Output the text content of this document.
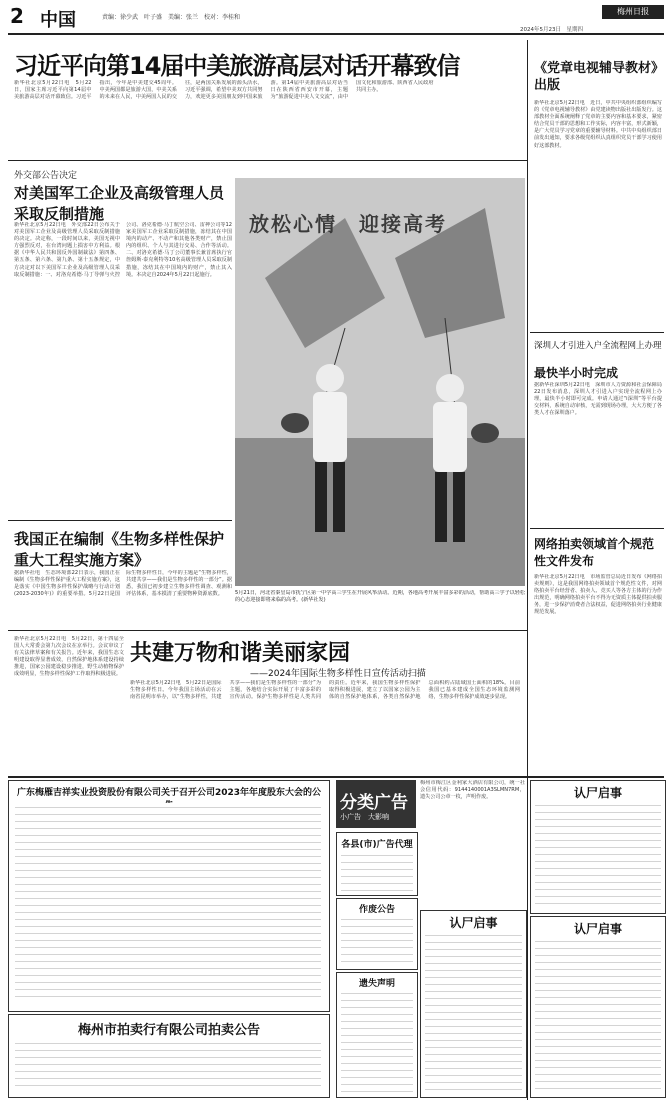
2 中国	责编：徐少武　叶子盛　美编：张兰　校对：李桂和
梅州日报
2024年5月23日　星期四
习近平向第14届中美旅游高层对话开幕致信
新华社北京5月22日电　5月22日，国家主席习近平向第14届中美旅游高层对话开幕致信。习近平指出，今年是中美建交45周年。中美两国都是旅游大国，中美关系的未来在人民，中美两国人民的交往，是两国关系发展的源头活水，习近平强调，希望中美双方共同努力，欢迎更多美国朋友到中国来旅游。第14届中美旅游高层对话当日在陕西省西安市开幕，主题为“旅游促进中美人文交流”，由中国文化和旅游部、陕西省人民政府共同主办。
外交部公告决定
对美国军工企业及高级管理人员采取反制措施
新华社北京5月22日电　外交部22日公布关于对美国军工企业及高级管理人员采取反制措施的决定。决定称，一段时间以来，美国无视中方强烈反对，在台湾问题上损害中方利益。根据《中华人民共和国反外国制裁法》第四条、第五条、第六条、第九条、第十五条规定，中方决定对以下美国军工企业及高级管理人员采取反制措施：一、对洛克希德·马丁导弹与火控公司、洛克希德·马丁航空公司、雷神公司等12家美国军工企业采取反制措施，冻结其在中国境内的动产、不动产和其他各类财产，禁止国内的组织、个人与其进行交易、合作等活动。二、对洛克希德·马丁公司董事长兼首席执行官詹姆斯·泰克利特等10名高级管理人员采取反制措施，冻结其在中国境内的财产，禁止其入境。本决定自2024年5月22日起施行。
我国正在编制《生物多样性保护重大工程实施方案》
据新华社电　生态环境部22日表示，我国正在编制《生物多样性保护重大工程实施方案》，这是落实《中国生物多样性保护战略与行动计划(2023-2030年)》的重要举措。5月22日是国际生物多样性日，今年的主题是“生物多样性，共建共享——我们是生物多样性的一部分”。据悉，我国已初步建立生物多样性调查、观测和评估体系，基本摸清了重要物种资源底数。
放松心情　迎接高考
5月21日，河北省秦皇岛市抚宁区第一中学高三学生在开展风筝活动。近期，各地高考开展丰富多彩的活动，帮助高三学子以轻松的心态迎接即将来临的高考。(新华社发)
新华社北京5月22日电　5月22日，第十四届全国人大常委会第九次会议在京举行。会议审议了有关法律草案和有关报告。近年来，我国生态文明建设取得显著成效，自然保护地体系建设持续推进，国家公园建设稳步推进，野生动植物保护成效明显，生物多样性保护工作取得积极进展。
共建万物和谐美丽家园
——2024年国际生物多样性日宣传活动扫描
新华社北京5月22日电　5月22日是国际生物多样性日。今年我国主场活动在云南省昆明市举办，以“生物多样性，共建共享——我们是生物多样性的一部分”为主题，各地结合实际开展了丰富多彩的宣传活动。保护生物多样性是人类共同的责任。近年来，我国生物多样性保护取得积极进展，建立了以国家公园为主体的自然保护地体系，各类自然保护地总面积约占陆域国土面积的18%。目前我国已基本建成全国生态环境监测网络，生物多样性保护成效逐步显现。
《党章电视辅导教材》出版
新华社北京5月22日电　近日，中共中央组织部组织编写的《党章电视辅导教材》由党建读物出版社出版发行。这部教材全面系统阐释了党章的主要内容和基本要求，紧密结合党员干部的思想和工作实际，内容丰富，形式新颖，是广大党员学习党章的重要辅导材料。中共中央组织部日前发出通知，要求各级党组织认真组织党员干部学习使用好这部教材。
深圳人才引进入户全流程网上办理
最快半小时完成
据新华社深圳5月22日电　深圳市人力资源和社会保障局22日发布消息，深圳人才引进入户实现全流程网上办理，最快半小时即可完成。申请人通过“i深圳”等平台提交材料，系统自动审核，无需到现场办理，大大方便了各类人才在深圳落户。
网络拍卖领域首个规范性文件发布
新华社北京5月22日电　市场监管总局近日发布《网络拍卖规则》，这是我国网络拍卖领域首个规范性文件，对网络拍卖平台经营者、拍卖人、竞买人等各方主体的行为作出规范，明确网络拍卖平台不得为无资质主体提供拍卖服务，进一步保护消费者合法权益，促进网络拍卖行业健康规范发展。
广东梅雁吉祥实业投资股份有限公司关于召开公司2023年年度股东大会的公
梅州市拍卖行有限公司拍卖公告
分类广告
小广告　大影响
各县(市)广告代理
作废公告
遗失声明
梅州市梅江区金利家大酒店有限公司，统一社会信用代码：9144140001A3SLMN7RM，遗失公司公章一枚，声明作废。	认尸启事
认尸启事	认尸启事
